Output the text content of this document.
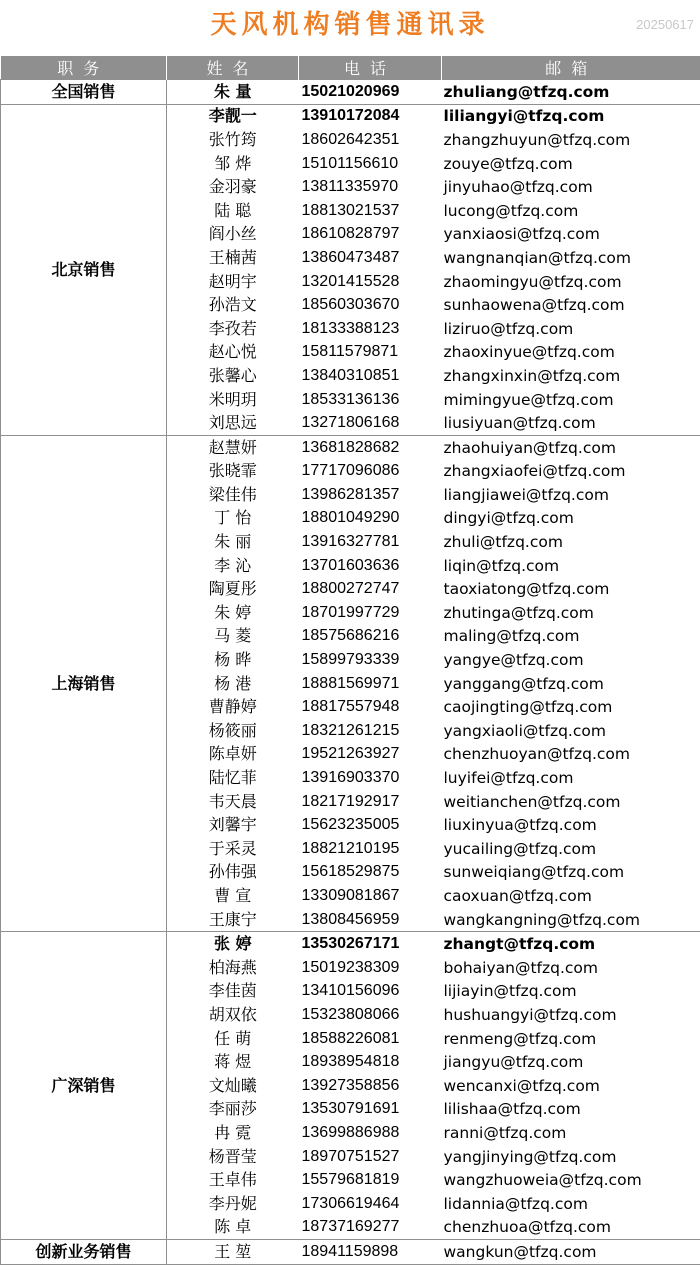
天风机构销售通讯录	20250617
职务	姓名	电话	邮箱
全国销售	朱 量	15021020969	zhuliang@tfzq.com
北京销售	李靓一	13910172084	liliangyi@tfzq.com
	张竹筠	18602642351	zhangzhuyun@tfzq.com
	邹 烨	15101156610	zouye@tfzq.com
	金羽豪	13811335970	jinyuhao@tfzq.com
	陆 聪	18813021537	lucong@tfzq.com
	阎小丝	18610828797	yanxiaosi@tfzq.com
	王楠茜	13860473487	wangnanqian@tfzq.com
	赵明宇	13201415528	zhaomingyu@tfzq.com
	孙浩文	18560303670	sunhaowena@tfzq.com
	李孜若	18133388123	liziruo@tfzq.com
	赵心悦	15811579871	zhaoxinyue@tfzq.com
	张馨心	13840310851	zhangxinxin@tfzq.com
	米明玥	18533136136	mimingyue@tfzq.com
	刘思远	13271806168	liusiyuan@tfzq.com
上海销售	赵慧妍	13681828682	zhaohuiyan@tfzq.com
	张晓霏	17717096086	zhangxiaofei@tfzq.com
	梁佳伟	13986281357	liangjiawei@tfzq.com
	丁 怡	18801049290	dingyi@tfzq.com
	朱 丽	13916327781	zhuli@tfzq.com
	李 沁	13701603636	liqin@tfzq.com
	陶夏彤	18800272747	taoxiatong@tfzq.com
	朱 婷	18701997729	zhutinga@tfzq.com
	马 菱	18575686216	maling@tfzq.com
	杨 晔	15899793339	yangye@tfzq.com
	杨 港	18881569971	yanggang@tfzq.com
	曹静婷	18817557948	caojingting@tfzq.com
	杨筱丽	18321261215	yangxiaoli@tfzq.com
	陈卓妍	19521263927	chenzhuoyan@tfzq.com
	陆忆菲	13916903370	luyifei@tfzq.com
	韦天晨	18217192917	weitianchen@tfzq.com
	刘馨宇	15623235005	liuxinyua@tfzq.com
	于采灵	18821210195	yucailing@tfzq.com
	孙伟强	15618529875	sunweiqiang@tfzq.com
	曹 宣	13309081867	caoxuan@tfzq.com
	王康宁	13808456959	wangkangning@tfzq.com
广深销售	张 婷	13530267171	zhangt@tfzq.com
	柏海燕	15019238309	bohaiyan@tfzq.com
	李佳茵	13410156096	lijiayin@tfzq.com
	胡双依	15323808066	hushuangyi@tfzq.com
	任 萌	18588226081	renmeng@tfzq.com
	蒋 煜	18938954818	jiangyu@tfzq.com
	文灿曦	13927358856	wencanxi@tfzq.com
	李丽莎	13530791691	lilishaa@tfzq.com
	冉 霓	13699886988	ranni@tfzq.com
	杨晋莹	18970751527	yangjinying@tfzq.com
	王卓伟	15579681819	wangzhuoweia@tfzq.com
	李丹妮	17306619464	lidannia@tfzq.com
	陈 卓	18737169277	chenzhuoa@tfzq.com
创新业务销售	王 堃	18941159898	wangkun@tfzq.com
